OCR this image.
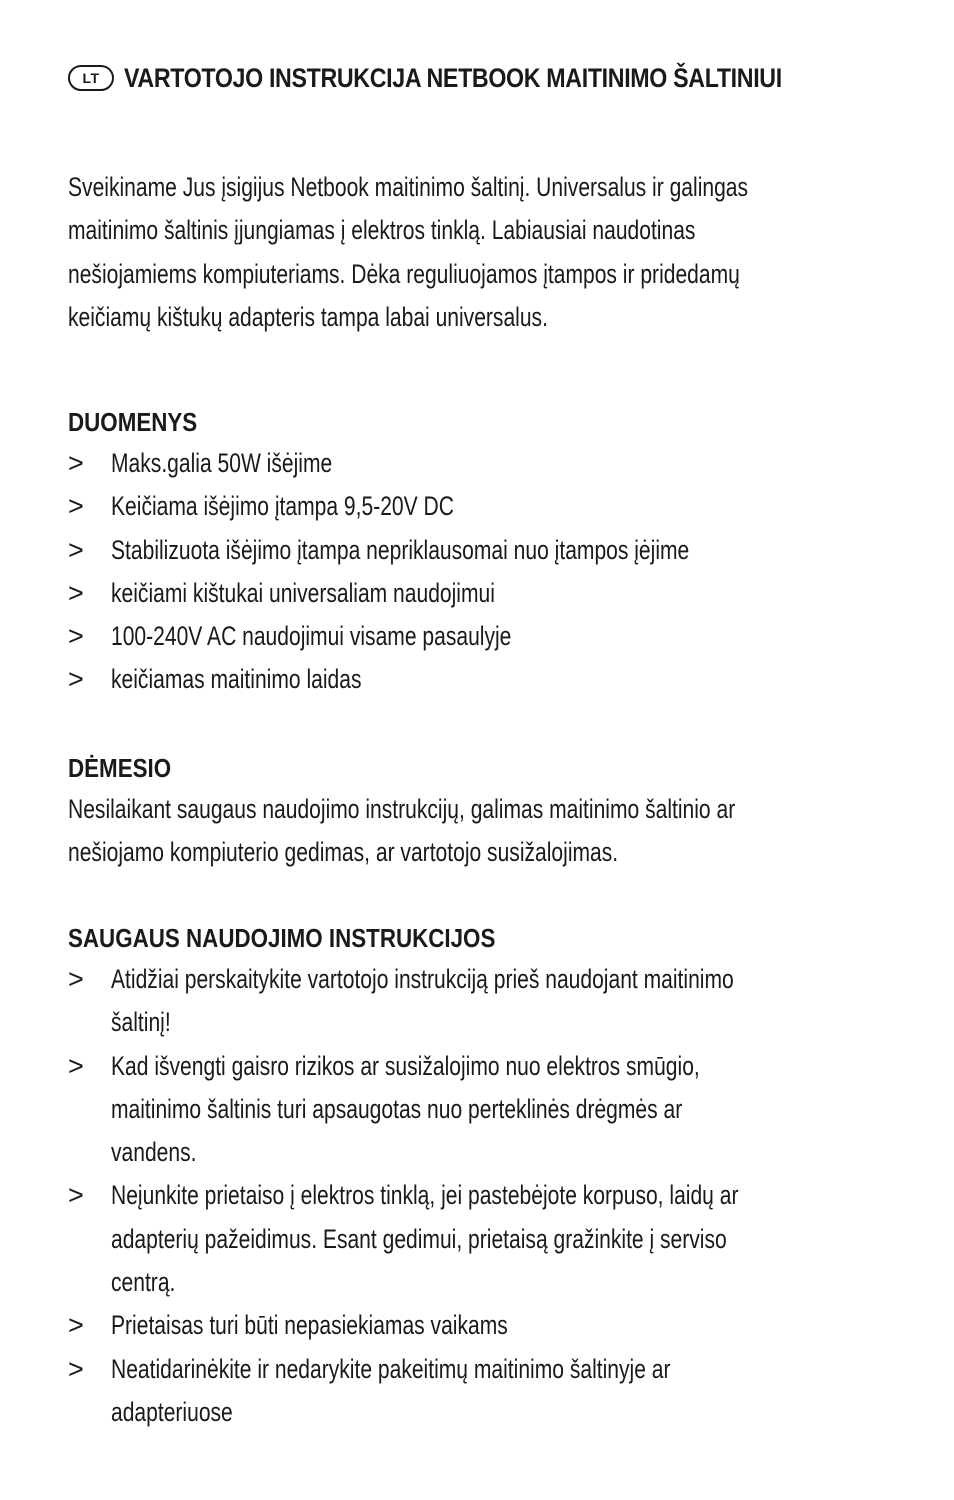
LT VARTOTOJO INSTRUKCIJA NETBOOK MAITINIMO ŠALTINIUI

Sveikiname Jus įsigijus Netbook maitinimo šaltinį. Universalus ir galingas
maitinimo šaltinis įjungiamas į elektros tinklą. Labiausiai naudotinas
nešiojamiems kompiuteriams. Dėka reguliuojamos įtampos ir pridedamų
keičiamų kištukų adapteris tampa labai universalus.

DUOMENYS
> Maks.galia 50W išėjime
> Keičiama išėjimo įtampa 9,5-20V DC
> Stabilizuota išėjimo įtampa nepriklausomai nuo įtampos įėjime
> keičiami kištukai universaliam naudojimui
> 100-240V AC naudojimui visame pasaulyje
> keičiamas maitinimo laidas
DĖMESIO

Nesilaikant saugaus naudojimo instrukcijų, galimas maitinimo šaltinio ar
nešiojamo kompiuterio gedimas, ar vartotojo susižalojimas.

SAUGAUS NAUDOJIMO INSTRUKCIJOS
> Atidžiai perskaitykite vartotojo instrukciją prieš naudojant maitinimo
šaltinį!
> Kad išvengti gaisro rizikos ar susižalojimo nuo elektros smūgio,
maitinimo šaltinis turi apsaugotas nuo perteklinės drėgmės ar
vandens.
> Neįunkite prietaiso į elektros tinklą, jei pastebėjote korpuso, laidų ar
adapterių pažeidimus. Esant gedimui, prietaisą gražinkite į serviso
centrą.
> Prietaisas turi būti nepasiekiamas vaikams
> Neatidarinėkite ir nedarykite pakeitimų maitinimo šaltinyje ar
adapteriuose
